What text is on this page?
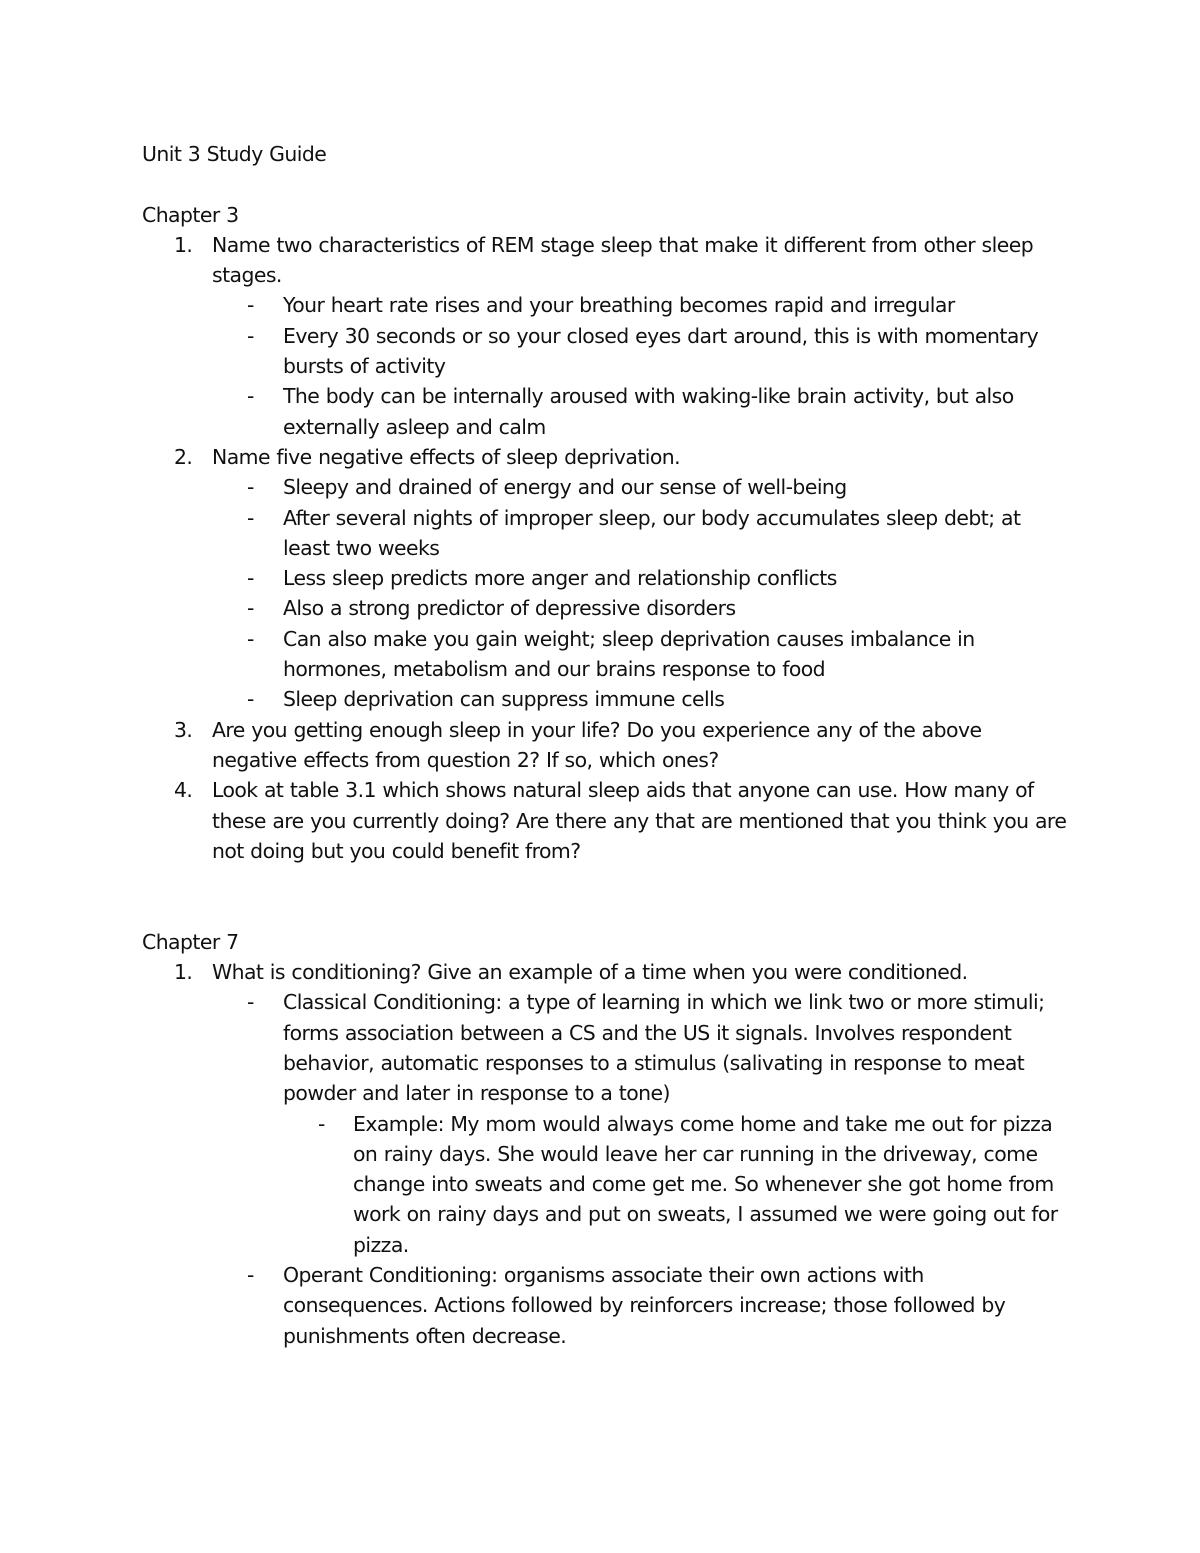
Unit 3 Study Guide
Chapter 3
1. Name two characteristics of REM stage sleep that make it different from other sleep stages.
- Your heart rate rises and your breathing becomes rapid and irregular
- Every 30 seconds or so your closed eyes dart around, this is with momentary bursts of activity
- The body can be internally aroused with waking-like brain activity, but also externally asleep and calm
2. Name five negative effects of sleep deprivation.
- Sleepy and drained of energy and our sense of well-being
- After several nights of improper sleep, our body accumulates sleep debt; at least two weeks
- Less sleep predicts more anger and relationship conflicts
- Also a strong predictor of depressive disorders
- Can also make you gain weight; sleep deprivation causes imbalance in hormones, metabolism and our brains response to food
- Sleep deprivation can suppress immune cells
3. Are you getting enough sleep in your life? Do you experience any of the above negative effects from question 2? If so, which ones?
4. Look at table 3.1 which shows natural sleep aids that anyone can use. How many of these are you currently doing? Are there any that are mentioned that you think you are not doing but you could benefit from?
Chapter 7
1. What is conditioning? Give an example of a time when you were conditioned.
- Classical Conditioning: a type of learning in which we link two or more stimuli; forms association between a CS and the US it signals. Involves respondent behavior, automatic responses to a stimulus (salivating in response to meat powder and later in response to a tone)
- Example: My mom would always come home and take me out for pizza on rainy days. She would leave her car running in the driveway, come change into sweats and come get me. So whenever she got home from work on rainy days and put on sweats, I assumed we were going out for pizza.
- Operant Conditioning: organisms associate their own actions with consequences. Actions followed by reinforcers increase; those followed by punishments often decrease.
